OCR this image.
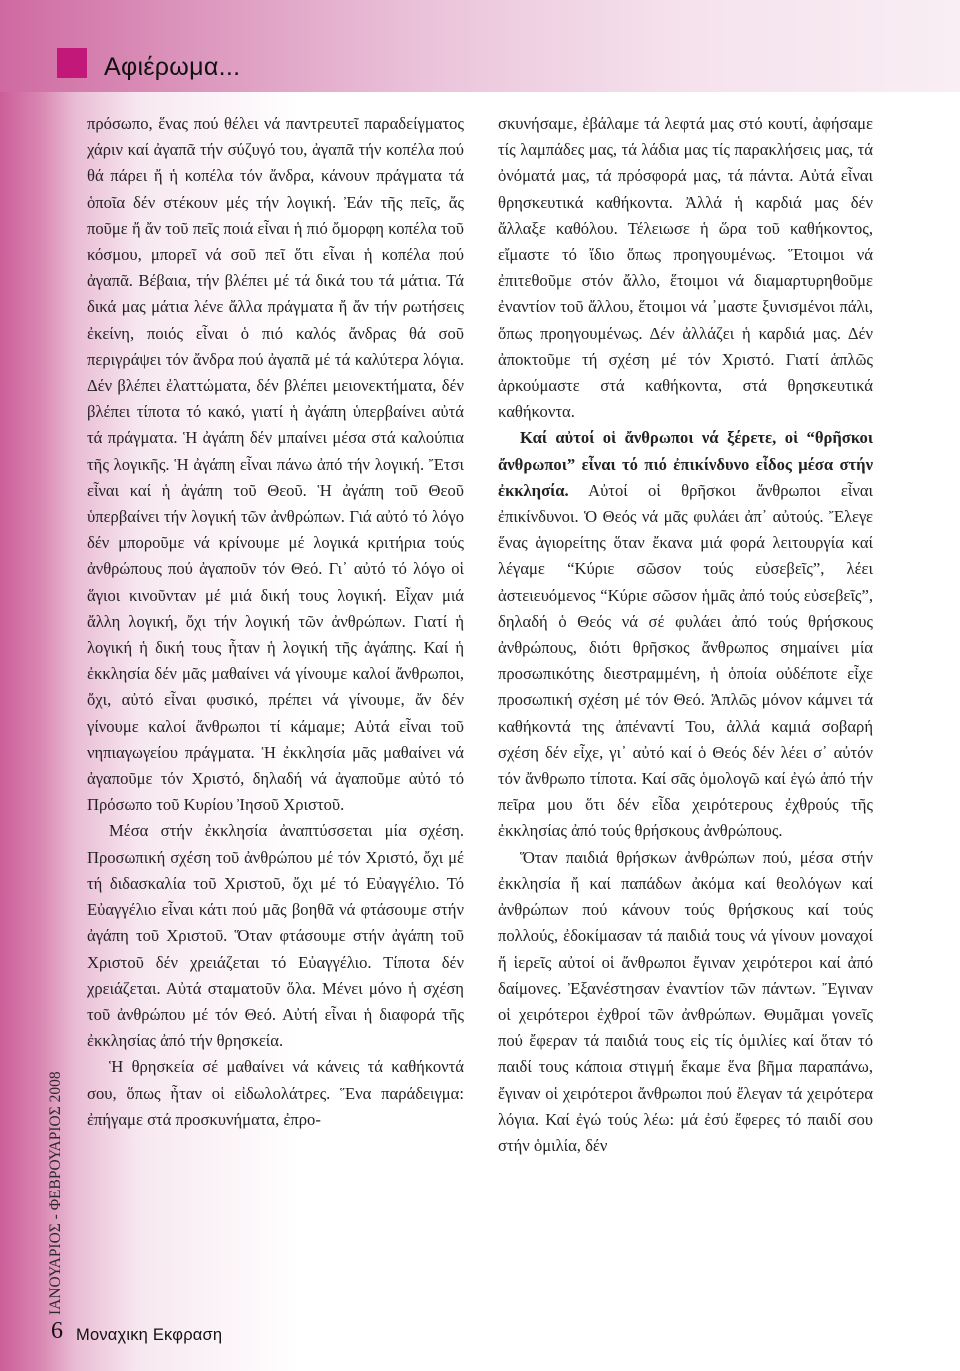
Αφιέρωμα...

πρόσωπο, ἕνας πού θέλει νά παντρευτεῖ παραδείγματος χάριν καί ἀγαπᾶ τήν σύζυγό του, ἀγαπᾶ τήν κοπέλα πού θά πάρει ἤ ἡ κοπέλα τόν ἄνδρα, κάνουν πράγματα τά ὁποῖα δέν στέκουν μές τήν λογική. Ἐάν τῆς πεῖς, ἄς ποῦμε ἤ ἄν τοῦ πεῖς ποιά εἶναι ἡ πιό ὄμορφη κοπέλα τοῦ κόσμου, μπορεῖ νά σοῦ πεῖ ὅτι εἶναι ἡ κοπέλα πού ἀγαπᾶ. Βέβαια, τήν βλέπει μέ τά δικά του τά μάτια. Τά δικά μας μάτια λένε ἄλλα πράγματα ἤ ἄν τήν ρωτήσεις ἐκείνη, ποιός εἶναι ὁ πιό καλός ἄνδρας θά σοῦ περιγράψει τόν ἄνδρα πού ἀγαπᾶ μέ τά καλύτερα λόγια. Δέν βλέπει ἐλαττώματα, δέν βλέπει μειονεκτήματα, δέν βλέπει τίποτα τό κακό, γιατί ἡ ἀγάπη ὑπερβαίνει αὐτά τά πράγματα. Ἡ ἀγάπη δέν μπαίνει μέσα στά καλούπια τῆς λογικῆς. Ἡ ἀγάπη εἶναι πάνω ἀπό τήν λογική. Ἔτσι εἶναι καί ἡ ἀγάπη τοῦ Θεοῦ. Ἡ ἀγάπη τοῦ Θεοῦ ὑπερβαίνει τήν λογική τῶν ἀνθρώπων. Γιά αὐτό τό λόγο δέν μποροῦμε νά κρίνουμε μέ λογικά κριτήρια τούς ἀνθρώπους πού ἀγαποῦν τόν Θεό. Γι᾽ αὐτό τό λόγο οἱ ἅγιοι κινοῦνταν μέ μιά δική τους λογική. Εἶχαν μιά ἄλλη λογική, ὄχι τήν λογική τῶν ἀνθρώπων. Γιατί ἡ λογική ἡ δική τους ἦταν ἡ λογική τῆς ἀγάπης. Καί ἡ ἐκκλησία δέν μᾶς μαθαίνει νά γίνουμε καλοί ἄνθρωποι, ὄχι, αὐτό εἶναι φυσικό, πρέπει νά γίνουμε, ἄν δέν γίνουμε καλοί ἄνθρωποι τί κάμαμε; Αὐτά εἶναι τοῦ νηπιαγωγείου πράγματα. Ἡ ἐκκλησία μᾶς μαθαίνει νά ἀγαποῦμε τόν Χριστό, δηλαδή νά ἀγαποῦμε αὐτό τό Πρόσωπο τοῦ Κυρίου Ἰησοῦ Χριστοῦ.

Μέσα στήν ἐκκλησία ἀναπτύσσεται μία σχέση. Προσωπική σχέση τοῦ ἀνθρώπου μέ τόν Χριστό, ὄχι μέ τή διδασκαλία τοῦ Χριστοῦ, ὄχι μέ τό Εὐαγγέλιο. Τό Εὐαγγέλιο εἶναι κάτι πού μᾶς βοηθᾶ νά φτάσουμε στήν ἀγάπη τοῦ Χριστοῦ. Ὅταν φτάσουμε στήν ἀγάπη τοῦ Χριστοῦ δέν χρειάζεται τό Εὐαγγέλιο. Τίποτα δέν χρειάζεται. Αὐτά σταματοῦν ὅλα. Μένει μόνο ἡ σχέση τοῦ ἀνθρώπου μέ τόν Θεό. Αὐτή εἶναι ἡ διαφορά τῆς ἐκκλησίας ἀπό τήν θρησκεία.

Ἡ θρησκεία σέ μαθαίνει νά κάνεις τά καθήκοντά σου, ὅπως ἦταν οἱ εἰδωλολάτρες. Ἕνα παράδειγμα: ἐπήγαμε στά προσκυνήματα, ἐπρο-

σκυνήσαμε, ἐβάλαμε τά λεφτά μας στό κουτί, ἀφήσαμε τίς λαμπάδες μας, τά λάδια μας τίς παρακλήσεις μας, τά ὀνόματά μας, τά πρόσφορά μας, τά πάντα. Αὐτά εἶναι θρησκευτικά καθήκοντα. Ἀλλά ἡ καρδιά μας δέν ἄλλαξε καθόλου. Τέλειωσε ἡ ὥρα τοῦ καθήκοντος, εἴμαστε τό ἴδιο ὅπως προηγουμένως. Ἕτοιμοι νά ἐπιτεθοῦμε στόν ἄλλο, ἕτοιμοι νά διαμαρτυρηθοῦμε ἐναντίον τοῦ ἄλλου, ἕτοιμοι νά ᾽μαστε ξυνισμένοι πάλι, ὅπως προηγουμένως. Δέν ἀλλάζει ἡ καρδιά μας. Δέν ἀποκτοῦμε τή σχέση μέ τόν Χριστό. Γιατί ἁπλῶς ἀρκούμαστε στά καθήκοντα, στά θρησκευτικά καθήκοντα.

Καί αὐτοί οἱ ἄνθρωποι νά ξέρετε, οἱ “θρῆσκοι ἄνθρωποι” εἶναι τό πιό ἐπικίνδυνο εἶδος μέσα στήν ἐκκλησία. Αὐτοί οἱ θρῆσκοι ἄνθρωποι εἶναι ἐπικίνδυνοι. Ὁ Θεός νά μᾶς φυλάει ἀπ᾽ αὐτούς. Ἔλεγε ἕνας ἁγιορείτης ὅταν ἔκανα μιά φορά λειτουργία καί λέγαμε “Κύριε σῶσον τούς εὐσεβεῖς”, λέει ἀστειευόμενος “Κύριε σῶσον ἡμᾶς ἀπό τούς εὐσεβεῖς”, δηλαδή ὁ Θεός νά σέ φυλάει ἀπό τούς θρήσκους ἀνθρώπους, διότι θρῆσκος ἄνθρωπος σημαίνει μία προσωπικότης διεστραμμένη, ἡ ὁποία οὐδέποτε εἶχε προσωπική σχέση μέ τόν Θεό. Ἁπλῶς μόνον κάμνει τά καθήκοντά της ἀπέναντί Του, ἀλλά καμιά σοβαρή σχέση δέν εἶχε, γι᾽ αὐτό καί ὁ Θεός δέν λέει σ᾽ αὐτόν τόν ἄνθρωπο τίποτα. Καί σᾶς ὁμολογῶ καί ἐγώ ἀπό τήν πεῖρα μου ὅτι δέν εἶδα χειρότερους ἐχθρούς τῆς ἐκκλησίας ἀπό τούς θρήσκους ἀνθρώπους.

Ὅταν παιδιά θρήσκων ἀνθρώπων πού, μέσα στήν ἐκκλησία ἤ καί παπάδων ἀκόμα καί θεολόγων καί ἀνθρώπων πού κάνουν τούς θρήσκους καί τούς πολλούς, ἐδοκίμασαν τά παιδιά τους νά γίνουν μοναχοί ἤ ἱερεῖς αὐτοί οἱ ἄνθρωποι ἔγιναν χειρότεροι καί ἀπό δαίμονες. Ἐξανέστησαν ἐναντίον τῶν πάντων. Ἔγιναν οἱ χειρότεροι ἐχθροί τῶν ἀνθρώπων. Θυμᾶμαι γονεῖς πού ἔφεραν τά παιδιά τους εἰς τίς ὁμιλίες καί ὅταν τό παιδί τους κάποια στιγμή ἔκαμε ἕνα βῆμα παραπάνω, ἔγιναν οἱ χειρότεροι ἄνθρωποι πού ἔλεγαν τά χειρότερα λόγια. Καί ἐγώ τούς λέω: μά ἐσύ ἔφερες τό παιδί σου στήν ὁμιλία, δέν

ΙΑΝΟΥΑΡΙΟΣ - ΦΕΒΡΟΥΑΡΙΟΣ 2008
6 Μοναχικη Εκφραση
